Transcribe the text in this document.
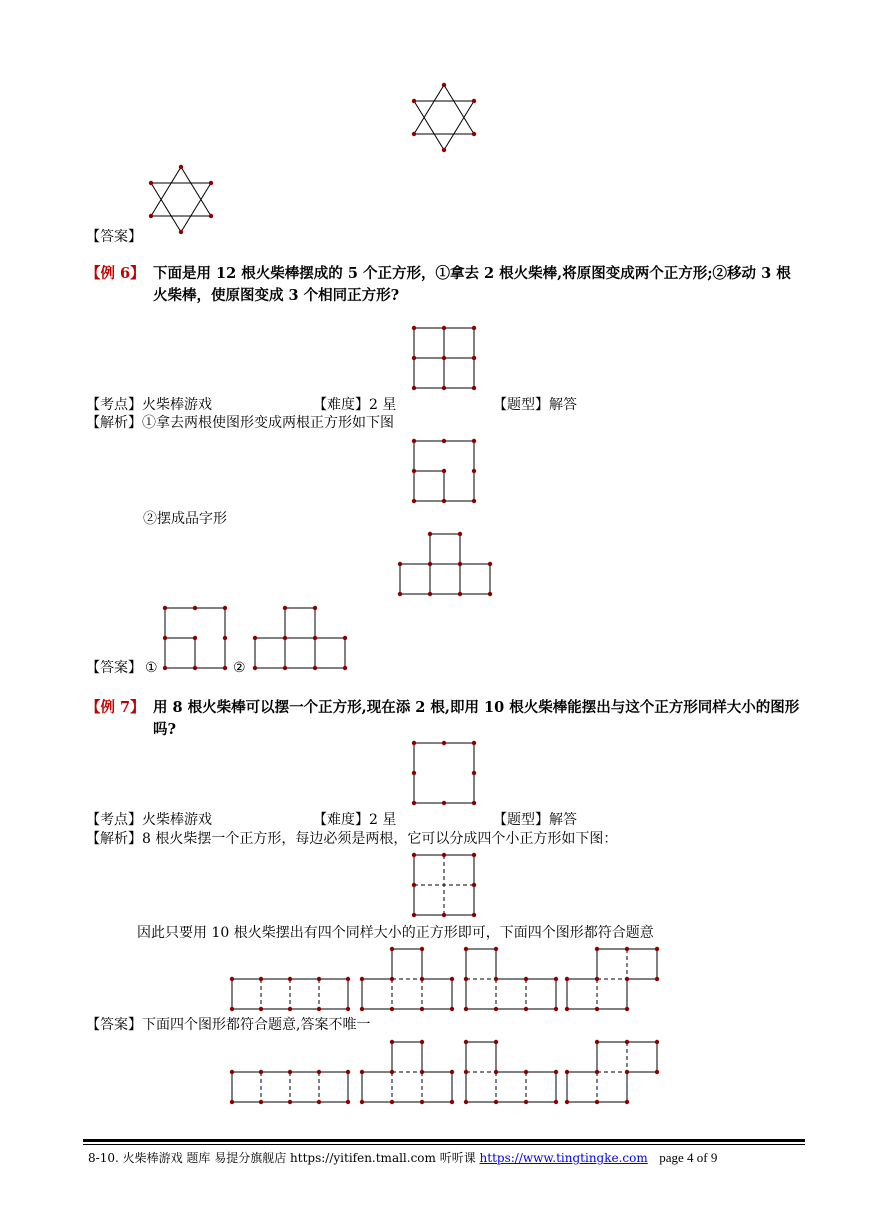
【答案】
【例 6】 下面是用 12 根火柴棒摆成的 5 个正方形，①拿去 2 根火柴棒,将原图变成两个正方形;②移动 3 根
火柴棒，使原图变成 3 个相同正方形?
【考点】火柴棒游戏	【难度】2 星	【题型】解答
【解析】①拿去两根使图形变成两根正方形如下图
②摆成品字形
【答案】 ①	②
【例 7】 用 8 根火柴棒可以摆一个正方形,现在添 2 根,即用 10 根火柴棒能摆出与这个正方形同样大小的图形
吗?
【考点】火柴棒游戏	【难度】2 星	【题型】解答
【解析】8 根火柴摆一个正方形，每边必须是两根，它可以分成四个小正方形如下图：
因此只要用 10 根火柴摆出有四个同样大小的正方形即可，下面四个图形都符合题意
【答案】下面四个图形都符合题意,答案不唯一
8-10. 火柴棒游戏 题库 易提分旗舰店 https://yitifen.tmall.com 听听课 https://www.tingtingke.com page 4 of 9
